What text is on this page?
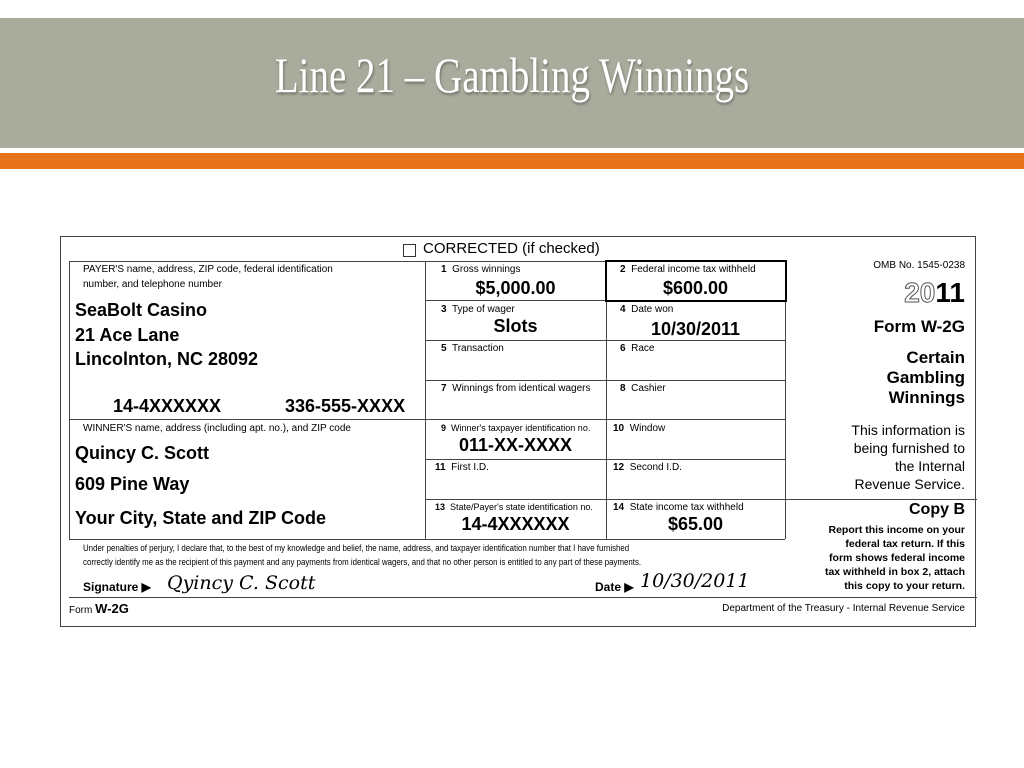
Line 21 – Gambling Winnings
CORRECTED (if checked)
PAYER'S name, address, ZIP code, federal identification
number, and telephone number
SeaBolt Casino
21 Ace Lane
Lincolnton, NC 28092
14-4XXXXXX	336-555-XXXX
WINNER'S name, address (including apt. no.), and ZIP code
Quincy C. Scott
609 Pine Way
Your City, State and ZIP Code
1 Gross winnings
$5,000.00
2 Federal income tax withheld
$600.00
3 Type of wager
Slots
4 Date won
10/30/2011
5 Transaction	6 Race
7 Winnings from identical wagers	8 Cashier
9 Winner's taxpayer identification no.
011-XX-XXXX
10 Window
11 First I.D.	12 Second I.D.
13 State/Payer's state identification no.
14-4XXXXXX
14 State income tax withheld
$65.00
OMB No. 1545-0238
2011
Form W-2G
Certain
Gambling
Winnings
This information is
being furnished to
the Internal
Revenue Service.
Copy B
Report this income on your
federal tax return. If this
form shows federal income
tax withheld in box 2, attach
this copy to your return.
Under penalties of perjury, I declare that, to the best of my knowledge and belief, the name, address, and taxpayer identification number that I have furnished
correctly identify me as the recipient of this payment and any payments from identical wagers, and that no other person is entitled to any part of these payments.
Signature ▶ Qyincy C. Scott	Date ▶ 10/30/2011
Form W-2G	Department of the Treasury - Internal Revenue Service
